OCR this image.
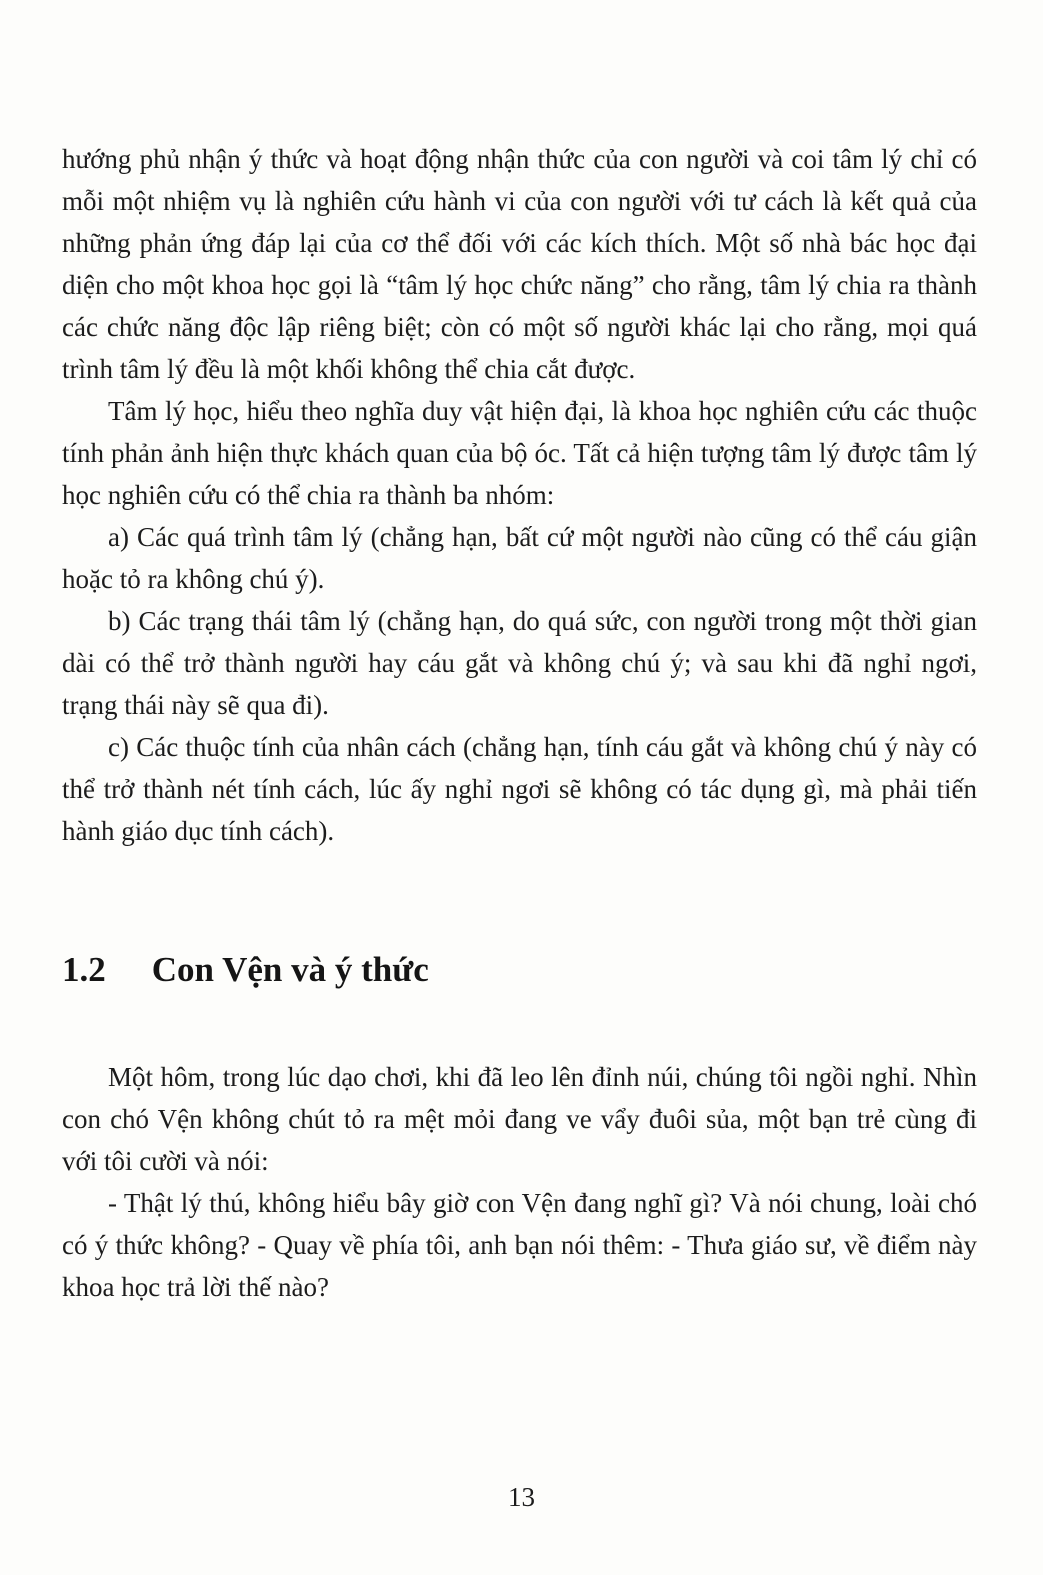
hướng phủ nhận ý thức và hoạt động nhận thức của con người và coi tâm lý chỉ có mỗi một nhiệm vụ là nghiên cứu hành vi của con người với tư cách là kết quả của những phản ứng đáp lại của cơ thể đối với các kích thích. Một số nhà bác học đại diện cho một khoa học gọi là “tâm lý học chức năng” cho rằng, tâm lý chia ra thành các chức năng độc lập riêng biệt; còn có một số người khác lại cho rằng, mọi quá trình tâm lý đều là một khối không thể chia cắt được.

Tâm lý học, hiểu theo nghĩa duy vật hiện đại, là khoa học nghiên cứu các thuộc tính phản ảnh hiện thực khách quan của bộ óc. Tất cả hiện tượng tâm lý được tâm lý học nghiên cứu có thể chia ra thành ba nhóm:

a) Các quá trình tâm lý (chẳng hạn, bất cứ một người nào cũng có thể cáu giận hoặc tỏ ra không chú ý).

b) Các trạng thái tâm lý (chẳng hạn, do quá sức, con người trong một thời gian dài có thể trở thành người hay cáu gắt và không chú ý; và sau khi đã nghỉ ngơi, trạng thái này sẽ qua đi).

c) Các thuộc tính của nhân cách (chẳng hạn, tính cáu gắt và không chú ý này có thể trở thành nét tính cách, lúc ấy nghỉ ngơi sẽ không có tác dụng gì, mà phải tiến hành giáo dục tính cách).

1.2 Con Vện và ý thức

Một hôm, trong lúc dạo chơi, khi đã leo lên đỉnh núi, chúng tôi ngồi nghỉ. Nhìn con chó Vện không chút tỏ ra mệt mỏi đang ve vẩy đuôi sủa, một bạn trẻ cùng đi với tôi cười và nói:

- Thật lý thú, không hiểu bây giờ con Vện đang nghĩ gì? Và nói chung, loài chó có ý thức không? - Quay về phía tôi, anh bạn nói thêm: - Thưa giáo sư, về điểm này khoa học trả lời thế nào?

13
